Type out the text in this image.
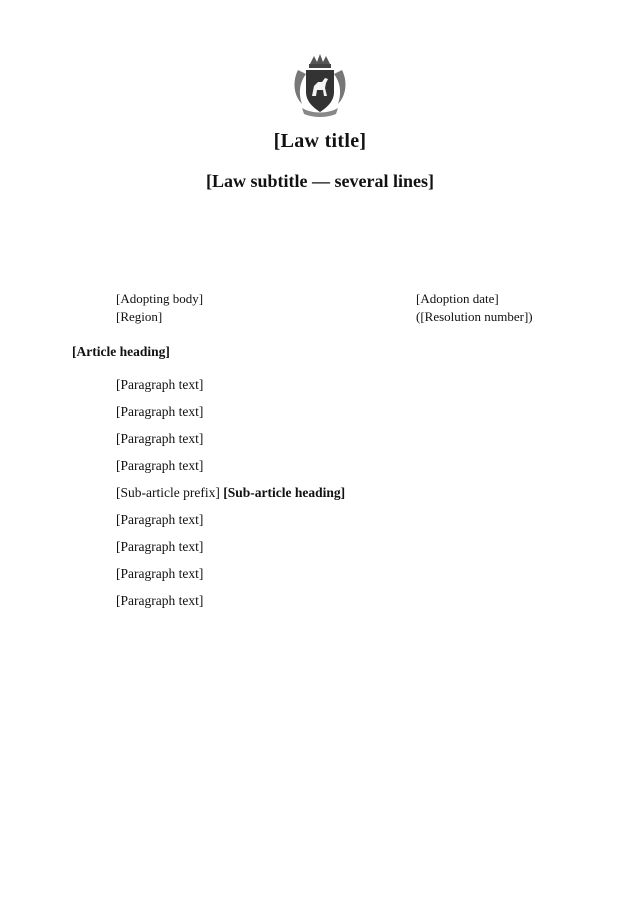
[Law title]
[Law subtitle — several lines]
[Adopting body]
[Region]
[Adoption date]
([Resolution number])

[Article heading]

[Paragraph text]

[Paragraph text]

[Paragraph text]

[Paragraph text]

[Sub-article prefix] [Sub-article heading]

[Paragraph text]

[Paragraph text]

[Paragraph text]

[Paragraph text]
